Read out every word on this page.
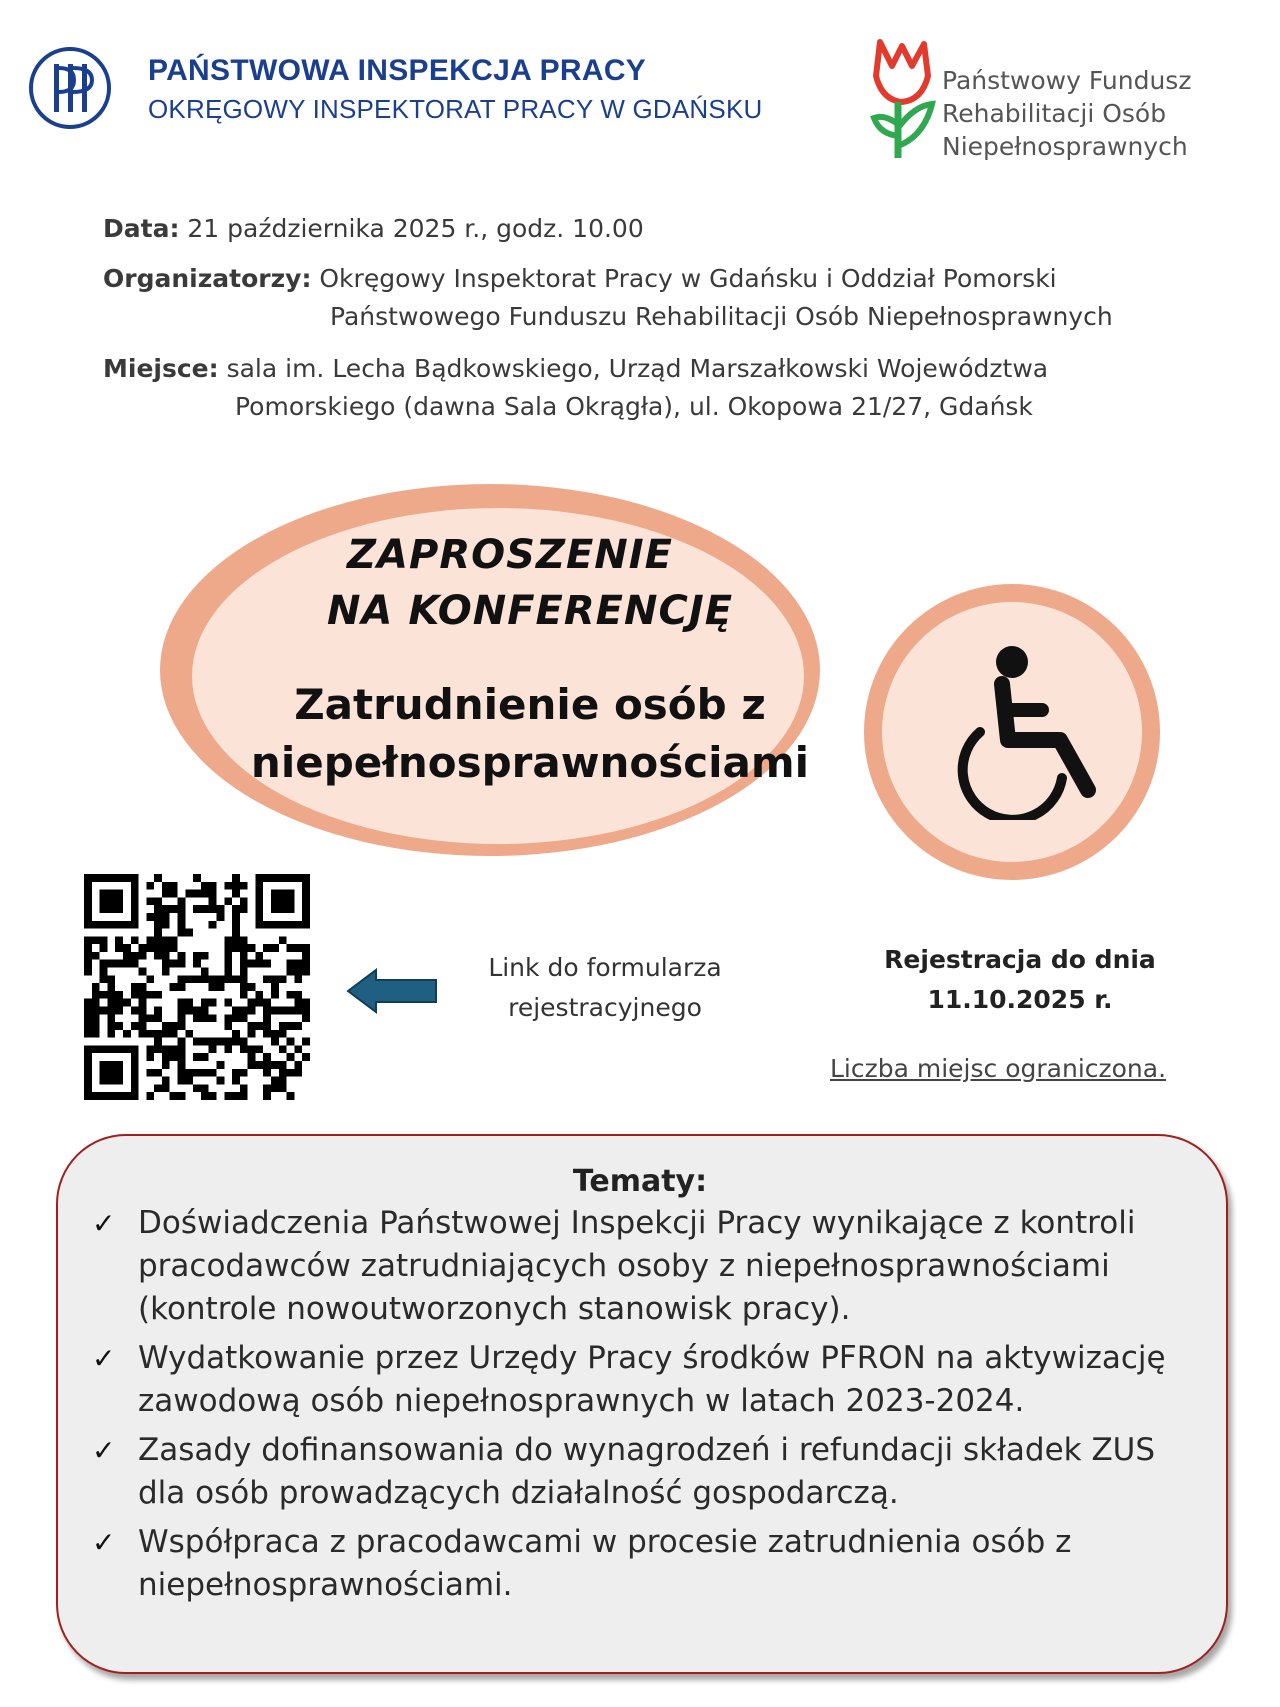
PAŃSTWOWA INSPEKCJA PRACY
OKRĘGOWY INSPEKTORAT PRACY W GDAŃSKU
Państwowy Fundusz
Rehabilitacji Osób
Niepełnosprawnych
Data: 21 października 2025 r., godz. 10.00
Organizatorzy: Okręgowy Inspektorat Pracy w Gdańsku i Oddział Pomorski
Państwowego Funduszu Rehabilitacji Osób Niepełnosprawnych
Miejsce: sala im. Lecha Bądkowskiego, Urząd Marszałkowski Województwa
Pomorskiego (dawna Sala Okrągła), ul. Okopowa 21/27, Gdańsk
ZAPROSZENIE
NA KONFERENCJĘ
Zatrudnienie osób z
niepełnosprawnościami
Link do formularza
rejestracyjnego
Rejestracja do dnia
11.10.2025 r.
Liczba miejsc ograniczona.
Tematy:
✓ Doświadczenia Państwowej Inspekcji Pracy wynikające z kontroli pracodawców zatrudniających osoby z niepełnosprawnościami (kontrole nowoutworzonych stanowisk pracy).
✓ Wydatkowanie przez Urzędy Pracy środków PFRON na aktywizację zawodową osób niepełnosprawnych w latach 2023-2024.
✓ Zasady dofinansowania do wynagrodzeń i refundacji składek ZUS dla osób prowadzących działalność gospodarczą.
✓ Współpraca z pracodawcami w procesie zatrudnienia osób z niepełnosprawnościami.
